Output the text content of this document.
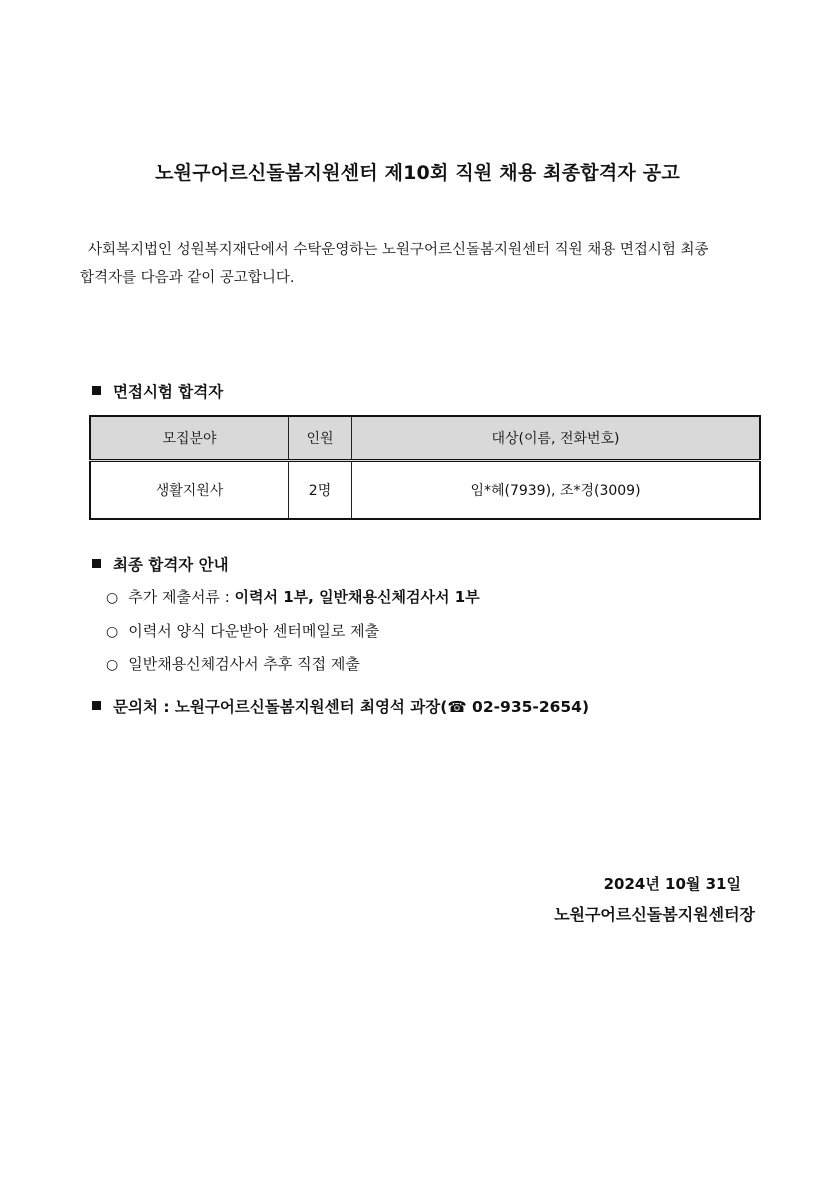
노원구어르신돌봄지원센터 제10회 직원 채용 최종합격자 공고
사회복지법인 성원복지재단에서 수탁운영하는 노원구어르신돌봄지원센터 직원 채용 면접시험 최종
합격자를 다음과 같이 공고합니다.
면접시험 합격자
모집분야	인원	대상(이름, 전화번호)
생활지원사	2명	임*혜(7939), 조*경(3009)
최종 합격자 안내
○ 추가 제출서류 : 이력서 1부, 일반채용신체검사서 1부
○ 이력서 양식 다운받아 센터메일로 제출
○ 일반채용신체검사서 추후 직접 제출
문의처 : 노원구어르신돌봄지원센터 최영석 과장(☎ 02-935-2654)
2024년 10월 31일
노원구어르신돌봄지원센터장
